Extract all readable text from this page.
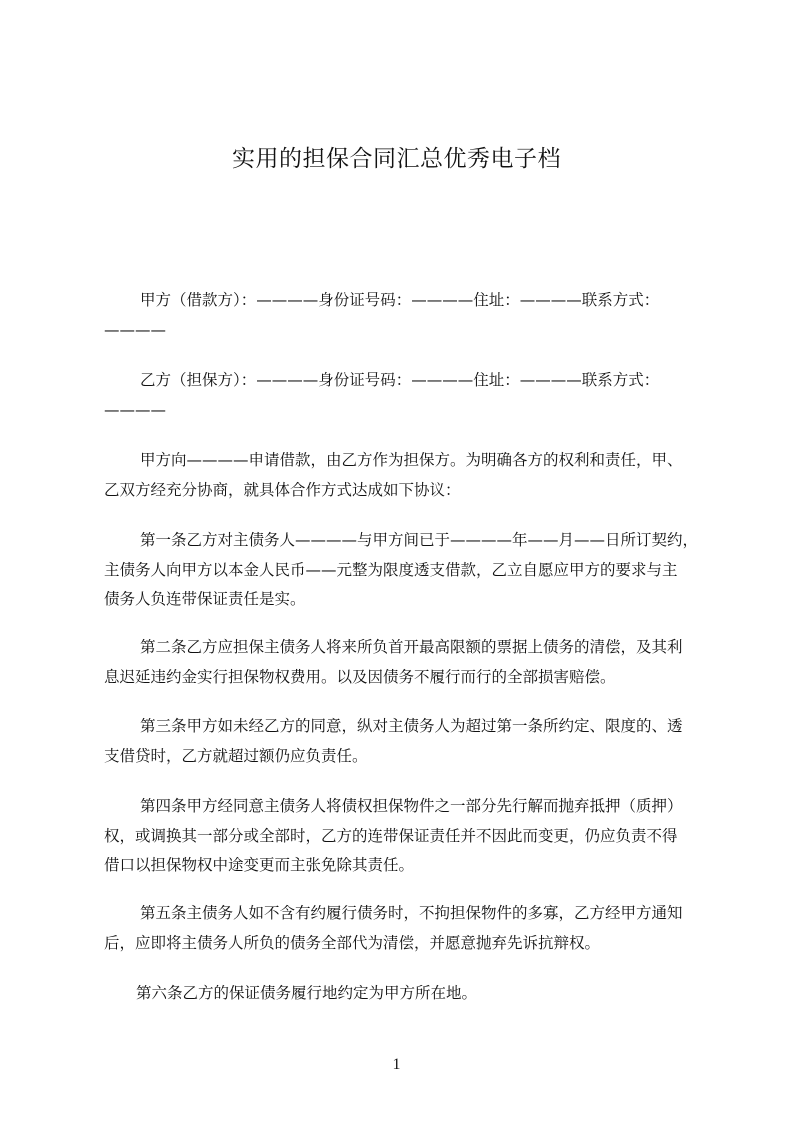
实用的担保合同汇总优秀电子档
甲方（借款方）：————身份证号码：————住址：————联系方式：
————
乙方（担保方）：————身份证号码：————住址：————联系方式：
————
甲方向————申请借款，由乙方作为担保方。为明确各方的权利和责任，甲、
乙双方经充分协商，就具体合作方式达成如下协议：
第一条乙方对主债务人————与甲方间已于————年——月——日所订契约，
主债务人向甲方以本金人民币——元整为限度透支借款，乙立自愿应甲方的要求与主
债务人负连带保证责任是实。
第二条乙方应担保主债务人将来所负首开最高限额的票据上债务的清偿，及其利
息迟延违约金实行担保物权费用。以及因债务不履行而行的全部损害赔偿。
第三条甲方如未经乙方的同意，纵对主债务人为超过第一条所约定、限度的、透
支借贷时，乙方就超过额仍应负责任。
第四条甲方经同意主债务人将债权担保物件之一部分先行解而抛弃抵押（质押）
权，或调换其一部分或全部时，乙方的连带保证责任并不因此而变更，仍应负责不得
借口以担保物权中途变更而主张免除其责任。
第五条主债务人如不含有约履行债务时，不拘担保物件的多寡，乙方经甲方通知
后，应即将主债务人所负的债务全部代为清偿，并愿意抛弃先诉抗辩权。
第六条乙方的保证债务履行地约定为甲方所在地。
1
